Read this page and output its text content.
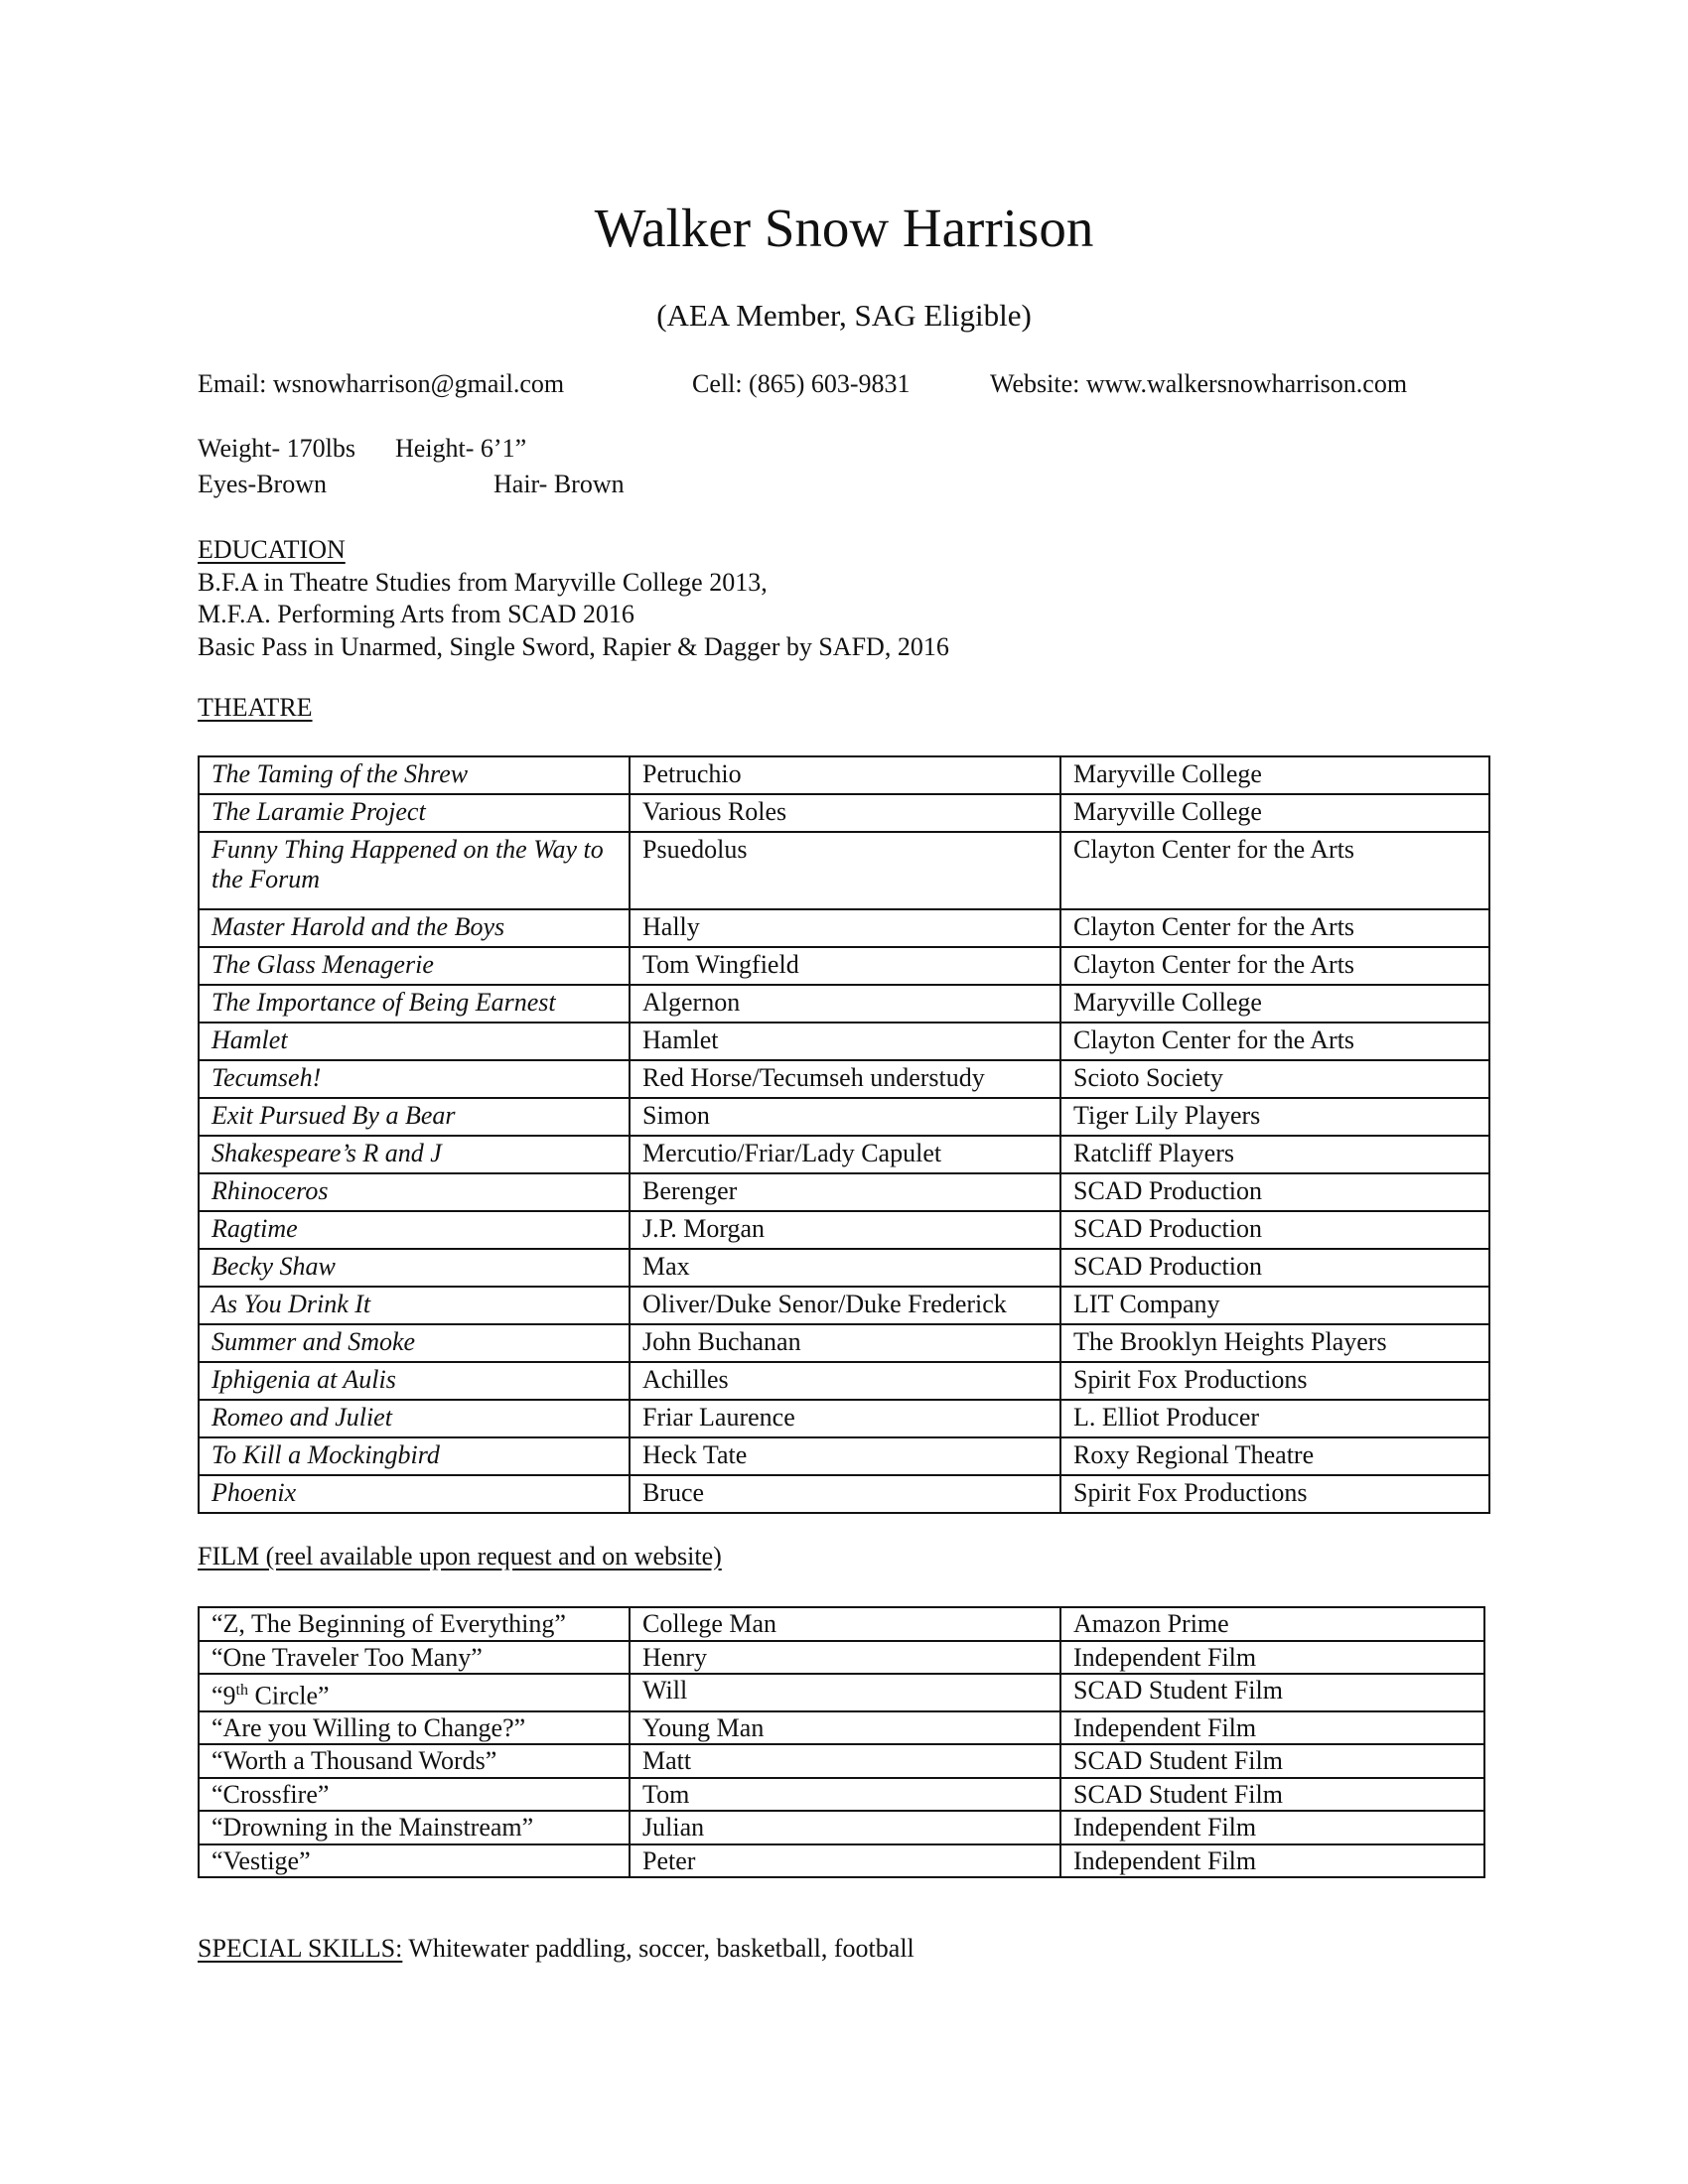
Walker Snow Harrison
(AEA Member, SAG Eligible)
Email: wsnowharrison@gmail.com	Cell: (865) 603-9831	Website: www.walkersnowharrison.com
Weight- 170lbs Height- 6’1”
Eyes-Brown	Hair- Brown
EDUCATION
B.F.A in Theatre Studies from Maryville College 2013,
M.F.A. Performing Arts from SCAD 2016
Basic Pass in Unarmed, Single Sword, Rapier & Dagger by SAFD, 2016
THEATRE
The Taming of the Shrew	Petruchio	Maryville College
The Laramie Project	Various Roles	Maryville College
Funny Thing Happened on the Way to the Forum	Psuedolus	Clayton Center for the Arts
Master Harold and the Boys	Hally	Clayton Center for the Arts
The Glass Menagerie	Tom Wingfield	Clayton Center for the Arts
The Importance of Being Earnest	Algernon	Maryville College
Hamlet	Hamlet	Clayton Center for the Arts
Tecumseh!	Red Horse/Tecumseh understudy	Scioto Society
Exit Pursued By a Bear	Simon	Tiger Lily Players
Shakespeare’s R and J	Mercutio/Friar/Lady Capulet	Ratcliff Players
Rhinoceros	Berenger	SCAD Production
Ragtime	J.P. Morgan	SCAD Production
Becky Shaw	Max	SCAD Production
As You Drink It	Oliver/Duke Senor/Duke Frederick	LIT Company
Summer and Smoke	John Buchanan	The Brooklyn Heights Players
Iphigenia at Aulis	Achilles	Spirit Fox Productions
Romeo and Juliet	Friar Laurence	L. Elliot Producer
To Kill a Mockingbird	Heck Tate	Roxy Regional Theatre
Phoenix	Bruce	Spirit Fox Productions
FILM (reel available upon request and on website)
“Z, The Beginning of Everything”	College Man	Amazon Prime
“One Traveler Too Many”	Henry	Independent Film
“9th Circle”	Will	SCAD Student Film
“Are you Willing to Change?”	Young Man	Independent Film
“Worth a Thousand Words”	Matt	SCAD Student Film
“Crossfire”	Tom	SCAD Student Film
“Drowning in the Mainstream”	Julian	Independent Film
“Vestige”	Peter	Independent Film
SPECIAL SKILLS: Whitewater paddling, soccer, basketball, football
